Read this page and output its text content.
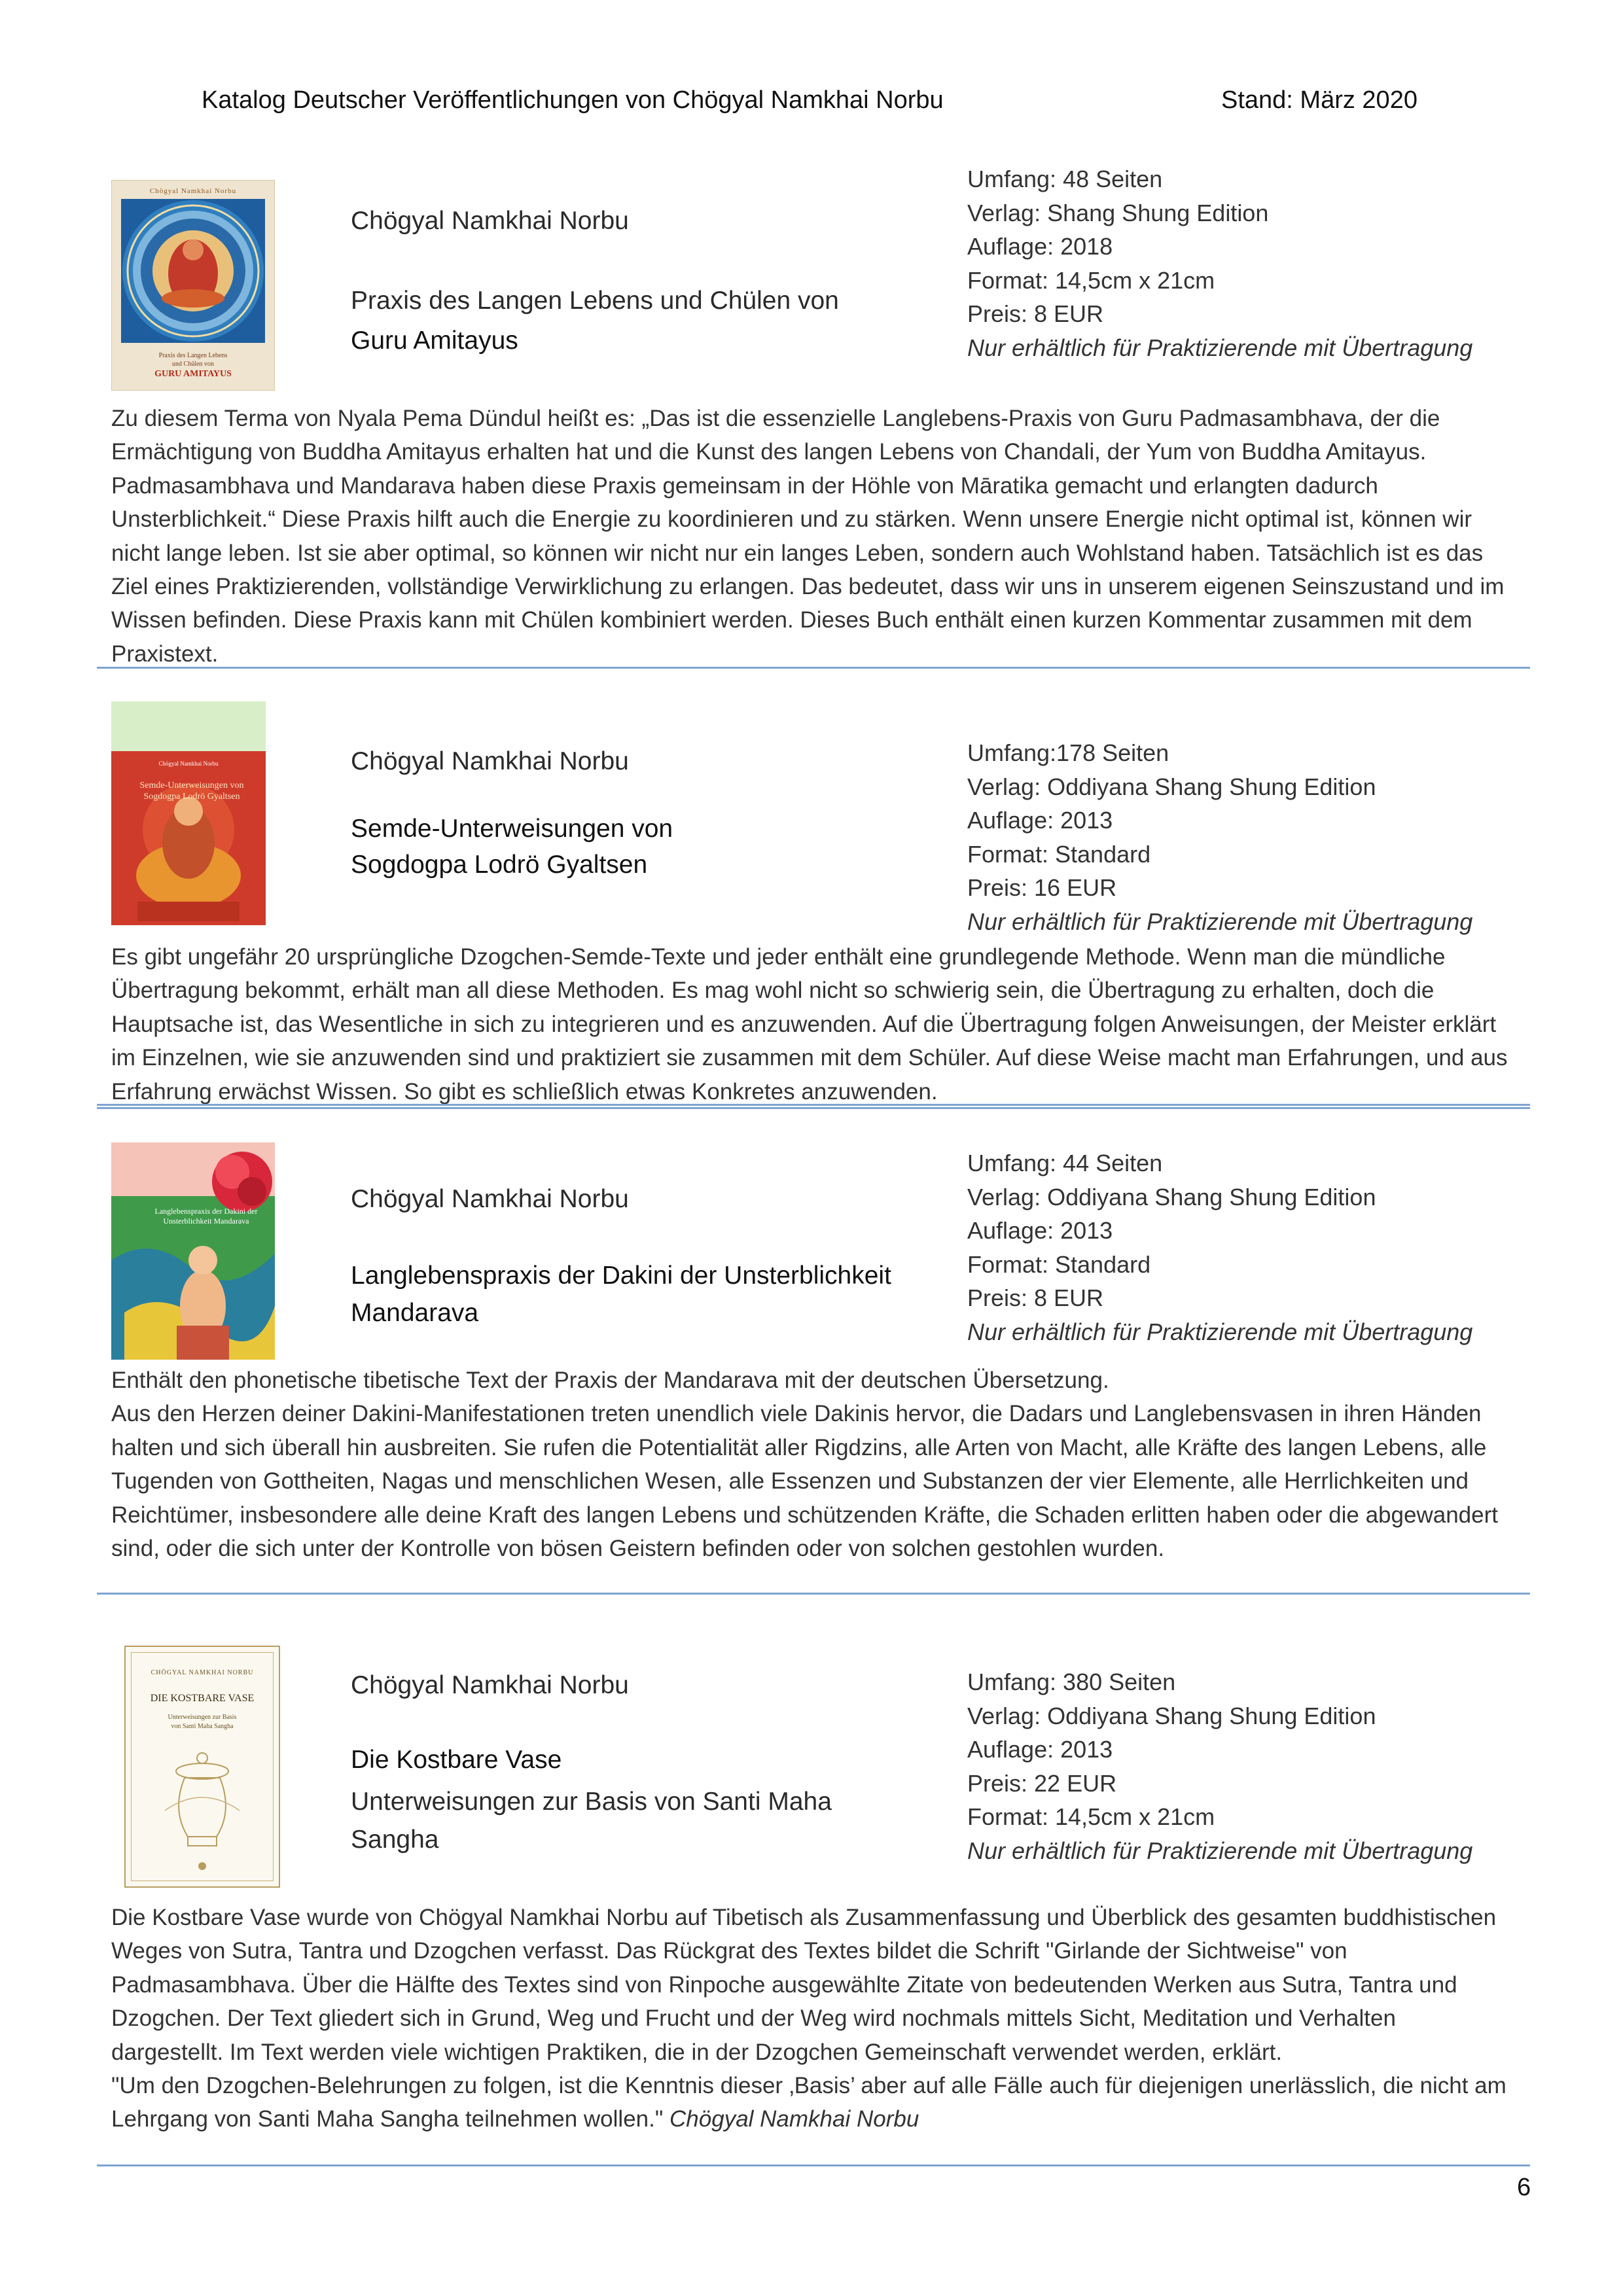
Katalog Deutscher Veröffentlichungen von Chögyal Namkhai Norbu	Stand: März 2020
Chögyal Namkhai Norbu
Praxis des Langen Lebens
und Chülen von
GURU AMITAYUS
Chögyal Namkhai Norbu
Praxis des Langen Lebens und Chülen von
Guru Amitayus
Umfang: 48 Seiten
Verlag: Shang Shung Edition
Auflage: 2018
Format: 14,5cm x 21cm
Preis: 8 EUR
Nur erhältlich für Praktizierende mit Übertragung

Zu diesem Terma von Nyala Pema Dündul heißt es: „Das ist die essenzielle Langlebens-Praxis von Guru Padmasambhava, der die Ermächtigung von Buddha Amitayus erhalten hat und die Kunst des langen Lebens von Chandali, der Yum von Buddha Amitayus. Padmasambhava und Mandarava haben diese Praxis gemeinsam in der Höhle von Māratika gemacht und erlangten dadurch Unsterblichkeit.“ Diese Praxis hilft auch die Energie zu koordinieren und zu stärken. Wenn unsere Energie nicht optimal ist, können wir nicht lange leben. Ist sie aber optimal, so können wir nicht nur ein langes Leben, sondern auch Wohlstand haben. Tatsächlich ist es das Ziel eines Praktizierenden, vollständige Verwirklichung zu erlangen. Das bedeutet, dass wir uns in unserem eigenen Seinszustand und im Wissen befinden. Diese Praxis kann mit Chülen kombiniert werden. Dieses Buch enthält einen kurzen Kommentar zusammen mit dem Praxistext.

Chögyal Namkhai Norbu
Semde-Unterweisungen von Sogdogpa Lodrö Gyaltsen
Chögyal Namkhai Norbu
Semde-Unterweisungen von
Sogdogpa Lodrö Gyaltsen
Umfang:178 Seiten
Verlag: Oddiyana Shang Shung Edition
Auflage: 2013
Format: Standard
Preis: 16 EUR
Nur erhältlich für Praktizierende mit Übertragung

Es gibt ungefähr 20 ursprüngliche Dzogchen-Semde-Texte und jeder enthält eine grundlegende Methode. Wenn man die mündliche Übertragung bekommt, erhält man all diese Methoden. Es mag wohl nicht so schwierig sein, die Übertragung zu erhalten, doch die Hauptsache ist, das Wesentliche in sich zu integrieren und es anzuwenden. Auf die Übertragung folgen Anweisungen, der Meister erklärt im Einzelnen, wie sie anzuwenden sind und praktiziert sie zusammen mit dem Schüler. Auf diese Weise macht man Erfahrungen, und aus Erfahrung erwächst Wissen. So gibt es schließlich etwas Konkretes anzuwenden.

Langlebenspraxis der Dakini der Unsterblichkeit Mandarava
Chögyal Namkhai Norbu
Langlebenspraxis der Dakini der Unsterblichkeit
Mandarava
Umfang: 44 Seiten
Verlag: Oddiyana Shang Shung Edition
Auflage: 2013
Format: Standard
Preis: 8 EUR
Nur erhältlich für Praktizierende mit Übertragung

Enthält den phonetische tibetische Text der Praxis der Mandarava mit der deutschen Übersetzung.

Aus den Herzen deiner Dakini-Manifestationen treten unendlich viele Dakinis hervor, die Dadars und Langlebensvasen in ihren Händen halten und sich überall hin ausbreiten. Sie rufen die Potentialität aller Rigdzins, alle Arten von Macht, alle Kräfte des langen Lebens, alle Tugenden von Gottheiten, Nagas und menschlichen Wesen, alle Essenzen und Substanzen der vier Elemente, alle Herrlichkeiten und Reichtümer, insbesondere alle deine Kraft des langen Lebens und schützenden Kräfte, die Schaden erlitten haben oder die abgewandert sind, oder die sich unter der Kontrolle von bösen Geistern befinden oder von solchen gestohlen wurden.

CHÖGYAL NAMKHAI NORBU
DIE KOSTBARE VASE
Unterweisungen zur Basis
von Santi Maha Sangha
Chögyal Namkhai Norbu
Die Kostbare Vase
Unterweisungen zur Basis von Santi Maha
Sangha
Umfang: 380 Seiten
Verlag: Oddiyana Shang Shung Edition
Auflage: 2013
Preis: 22 EUR
Format: 14,5cm x 21cm
Nur erhältlich für Praktizierende mit Übertragung

Die Kostbare Vase wurde von Chögyal Namkhai Norbu auf Tibetisch als Zusammenfassung und Überblick des gesamten buddhistischen Weges von Sutra, Tantra und Dzogchen verfasst. Das Rückgrat des Textes bildet die Schrift "Girlande der Sichtweise" von Padmasambhava. Über die Hälfte des Textes sind von Rinpoche ausgewählte Zitate von bedeutenden Werken aus Sutra, Tantra und Dzogchen. Der Text gliedert sich in Grund, Weg und Frucht und der Weg wird nochmals mittels Sicht, Meditation und Verhalten dargestellt. Im Text werden viele wichtigen Praktiken, die in der Dzogchen Gemeinschaft verwendet werden, erklärt.

"Um den Dzogchen-Belehrungen zu folgen, ist die Kenntnis dieser ‚Basis’ aber auf alle Fälle auch für diejenigen unerlässlich, die nicht am Lehrgang von Santi Maha Sangha teilnehmen wollen." Chögyal Namkhai Norbu

6
